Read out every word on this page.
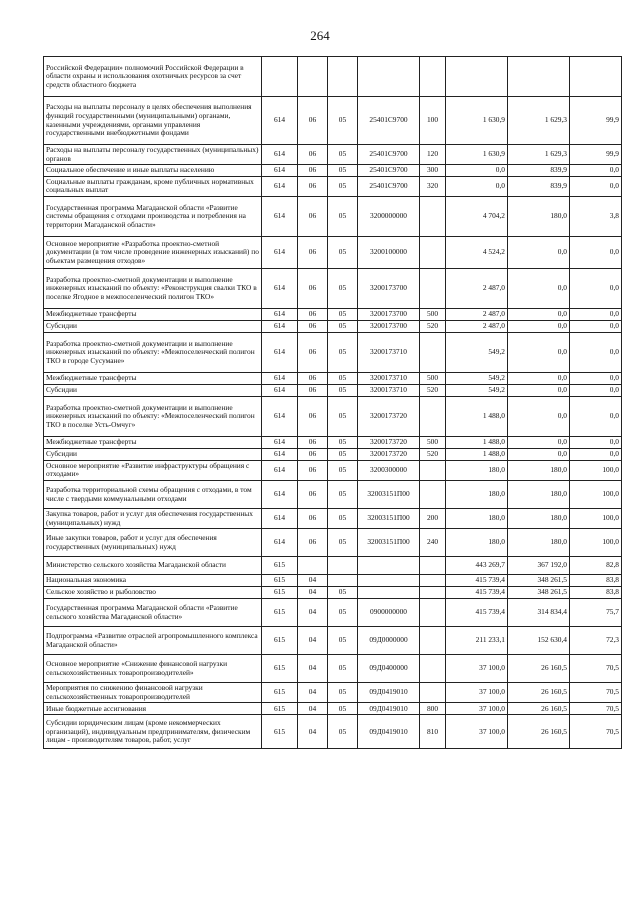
264
Российской Федерации» полномочий Российской Федерации в области охраны и использования охотничьих ресурсов за счет средств областного бюджета								
Расходы на выплаты персоналу в целях обеспечения выполнения функций государственными (муниципальными) органами, казенными учреждениями, органами управления государственными внебюджетными фондами	614	06	05	25401С9700	100	1 630,9	1 629,3	99,9
Расходы на выплаты персоналу государственных (муниципальных) органов	614	06	05	25401С9700	120	1 630,9	1 629,3	99,9
Социальное обеспечение и иные выплаты населению	614	06	05	25401С9700	300	0,0	839,9	0,0
Социальные выплаты гражданам, кроме публичных нормативных социальных выплат	614	06	05	25401С9700	320	0,0	839,9	0,0
Государственная программа Магаданской области «Развитие системы обращения с отходами производства и потребления на территории Магаданской области»	614	06	05	3200000000		4 704,2	180,0	3,8
Основное мероприятие «Разработка проектно-сметной документации (в том числе проведение инженерных изысканий) по объектам размещения отходов»	614	06	05	3200100000		4 524,2	0,0	0,0
Разработка проектно-сметной документации и выполнение инженерных изысканий по объекту: «Реконструкция свалки ТКО в поселке Ягодное в межпоселенческий полигон ТКО»	614	06	05	3200173700		2 487,0	0,0	0,0
Межбюджетные трансферты	614	06	05	3200173700	500	2 487,0	0,0	0,0
Субсидии	614	06	05	3200173700	520	2 487,0	0,0	0,0
Разработка проектно-сметной документации и выполнение инженерных изысканий по объекту: «Межпоселенческий полигон ТКО в городе Сусумане»	614	06	05	3200173710		549,2	0,0	0,0
Межбюджетные трансферты	614	06	05	3200173710	500	549,2	0,0	0,0
Субсидии	614	06	05	3200173710	520	549,2	0,0	0,0
Разработка проектно-сметной документации и выполнение инженерных изысканий по объекту: «Межпоселенческий полигон ТКО в поселке Усть-Омчуг»	614	06	05	3200173720		1 488,0	0,0	0,0
Межбюджетные трансферты	614	06	05	3200173720	500	1 488,0	0,0	0,0
Субсидии	614	06	05	3200173720	520	1 488,0	0,0	0,0
Основное мероприятие «Развитие инфраструктуры обращения с отходами»	614	06	05	3200300000		180,0	180,0	100,0
Разработка территориальной схемы обращения с отходами, в том числе с твердыми коммунальными отходами	614	06	05	32003151П00		180,0	180,0	100,0
Закупка товаров, работ и услуг для обеспечения государственных (муниципальных) нужд	614	06	05	32003151П00	200	180,0	180,0	100,0
Иные закупки товаров, работ и услуг для обеспечения государственных (муниципальных) нужд	614	06	05	32003151П00	240	180,0	180,0	100,0
Министерство сельского хозяйства Магаданской области	615					443 269,7	367 192,0	82,8
Национальная экономика	615	04				415 739,4	348 261,5	83,8
Сельское хозяйство и рыболовство	615	04	05			415 739,4	348 261,5	83,8
Государственная программа Магаданской области «Развитие сельского хозяйства Магаданской области»	615	04	05	0900000000		415 739,4	314 834,4	75,7
Подпрограмма «Развитие отраслей агропромышленного комплекса Магаданской области»	615	04	05	09Д0000000		211 233,1	152 630,4	72,3
Основное мероприятие «Снижение финансовой нагрузки сельскохозяйственных товаропроизводителей»	615	04	05	09Д0400000		37 100,0	26 160,5	70,5
Мероприятия по снижению финансовой нагрузки сельскохозяйственных товаропроизводителей	615	04	05	09Д0419010		37 100,0	26 160,5	70,5
Иные бюджетные ассигнования	615	04	05	09Д0419010	800	37 100,0	26 160,5	70,5
Субсидии юридическим лицам (кроме некоммерческих организаций), индивидуальным предпринимателям, физическим лицам - производителям товаров, работ, услуг	615	04	05	09Д0419010	810	37 100,0	26 160,5	70,5
